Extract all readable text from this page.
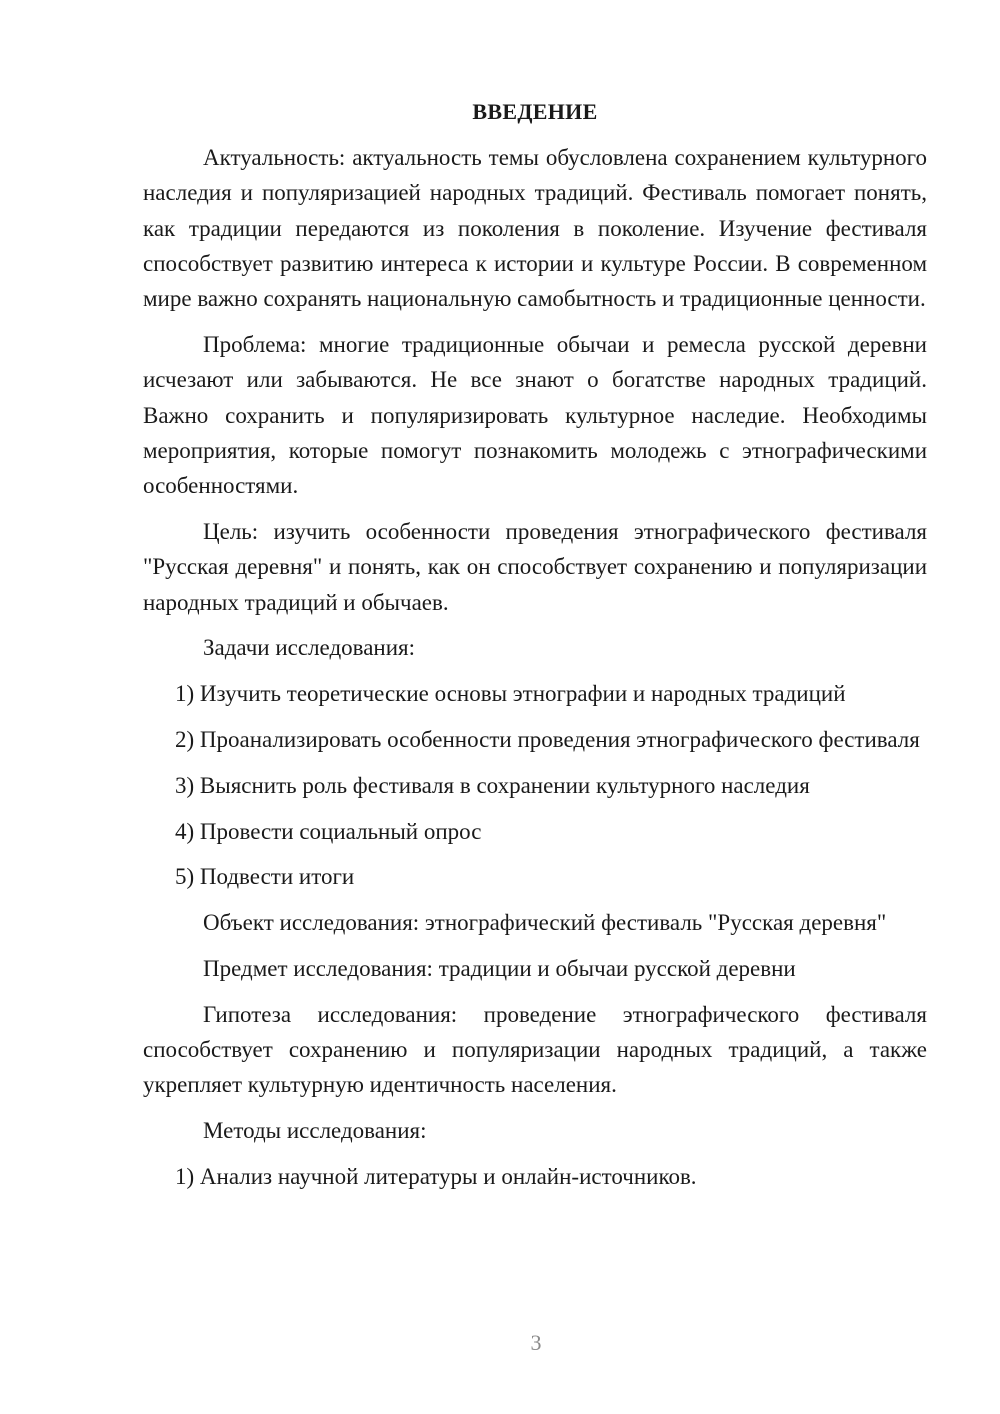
ВВЕДЕНИЕ

Актуальность: актуальность темы обусловлена сохранением культурного наследия и популяризацией народных традиций. Фестиваль помогает понять, как традиции передаются из поколения в поколение. Изучение фестиваля способствует развитию интереса к истории и культуре России. В современном мире важно сохранять национальную самобытность и традиционные ценности.

Проблема: многие традиционные обычаи и ремесла русской деревни исчезают или забываются. Не все знают о богатстве народных традиций. Важно сохранить и популяризировать культурное наследие. Необходимы мероприятия, которые помогут познакомить молодежь с этнографическими особенностями.

Цель: изучить особенности проведения этнографического фестиваля "Русская деревня" и понять, как он способствует сохранению и популяризации народных традиций и обычаев.

Задачи исследования:

1) Изучить теоретические основы этнографии и народных традиций

2) Проанализировать особенности проведения этнографического фестиваля

3) Выяснить роль фестиваля в сохранении культурного наследия

4) Провести социальный опрос

5) Подвести итоги

Объект исследования: этнографический фестиваль "Русская деревня"

Предмет исследования: традиции и обычаи русской деревни

Гипотеза исследования: проведение этнографического фестиваля способствует сохранению и популяризации народных традиций, а также укрепляет культурную идентичность населения.

Методы исследования:

1) Анализ научной литературы и онлайн-источников.

3
